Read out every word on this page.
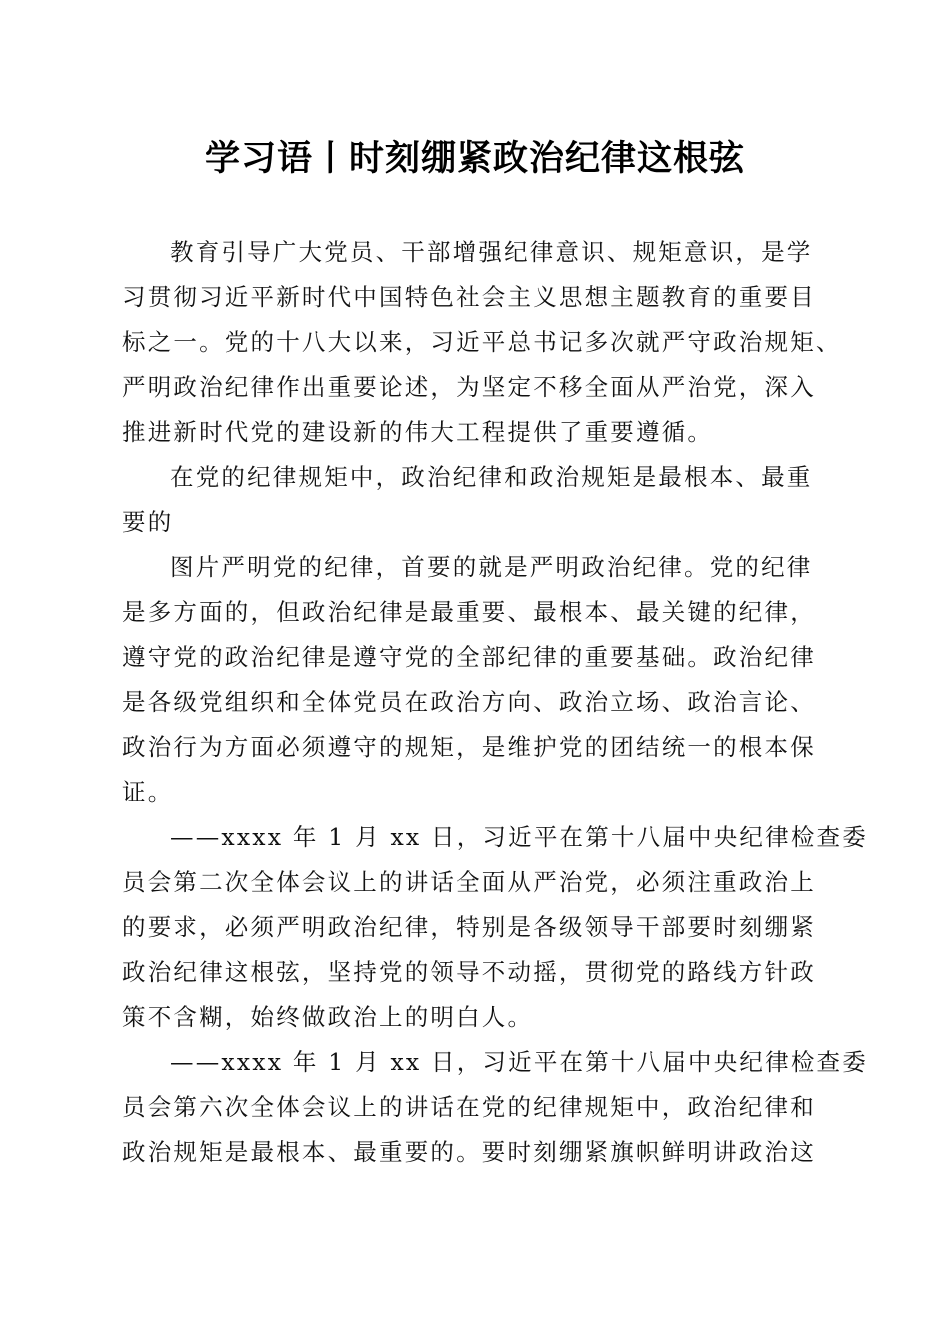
学习语丨时刻绷紧政治纪律这根弦
教育引导广大党员、干部增强纪律意识、规矩意识，是学
习贯彻习近平新时代中国特色社会主义思想主题教育的重要目
标之一。党的十八大以来，习近平总书记多次就严守政治规矩、
严明政治纪律作出重要论述，为坚定不移全面从严治党，深入
推进新时代党的建设新的伟大工程提供了重要遵循。
在党的纪律规矩中，政治纪律和政治规矩是最根本、最重
要的
图片严明党的纪律，首要的就是严明政治纪律。党的纪律
是多方面的，但政治纪律是最重要、最根本、最关键的纪律，
遵守党的政治纪律是遵守党的全部纪律的重要基础。政治纪律
是各级党组织和全体党员在政治方向、政治立场、政治言论、
政治行为方面必须遵守的规矩，是维护党的团结统一的根本保
证。
——xxxx 年 1 月 xx 日，习近平在第十八届中央纪律检查委
员会第二次全体会议上的讲话全面从严治党，必须注重政治上
的要求，必须严明政治纪律，特别是各级领导干部要时刻绷紧
政治纪律这根弦，坚持党的领导不动摇，贯彻党的路线方针政
策不含糊，始终做政治上的明白人。
——xxxx 年 1 月 xx 日，习近平在第十八届中央纪律检查委
员会第六次全体会议上的讲话在党的纪律规矩中，政治纪律和
政治规矩是最根本、最重要的。要时刻绷紧旗帜鲜明讲政治这
